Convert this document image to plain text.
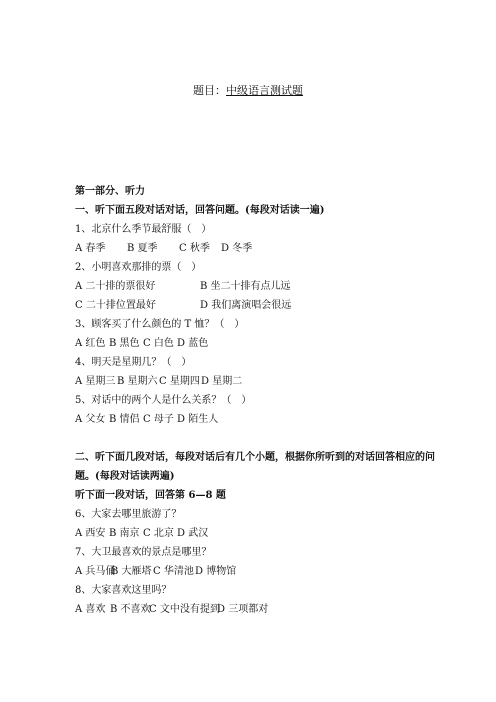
题目：中级语言测试题
第一部分、听力
一、听下面五段对话对话，回答问题。(每段对话读一遍)
1、北京什么季节最舒服（　）
A 春季 B 夏季 C 秋季 D 冬季
2、小明喜欢那排的票（　）
A 二十排的票很好	B 坐二十排有点儿远
C 二十排位置最好	D 我们离演唱会很远
3、顾客买了什么颜色的 T 恤？（　）
A 红色 B 黑色 C 白色 D 蓝色
4、明天是星期几？（　）
A 星期三 B 星期六C 星期四D 星期二
5、对话中的两个人是什么关系？（　）
A 父女 B 情侣 C 母子 D 陌生人
二、听下面几段对话，每段对话后有几个小题，根据你所听到的对话回答相应的问题。(每段对话读两遍)
听下面一段对话，回答第 6—8 题
6、大家去哪里旅游了？
A 西安 B 南京 C 北京 D 武汉
7、大卫最喜欢的景点是哪里？
A 兵马俑B 大雁塔C 华清池D 博物馆
8、大家喜欢这里吗？
A 喜欢 B 不喜欢C 文中没有提到D 三项都对
